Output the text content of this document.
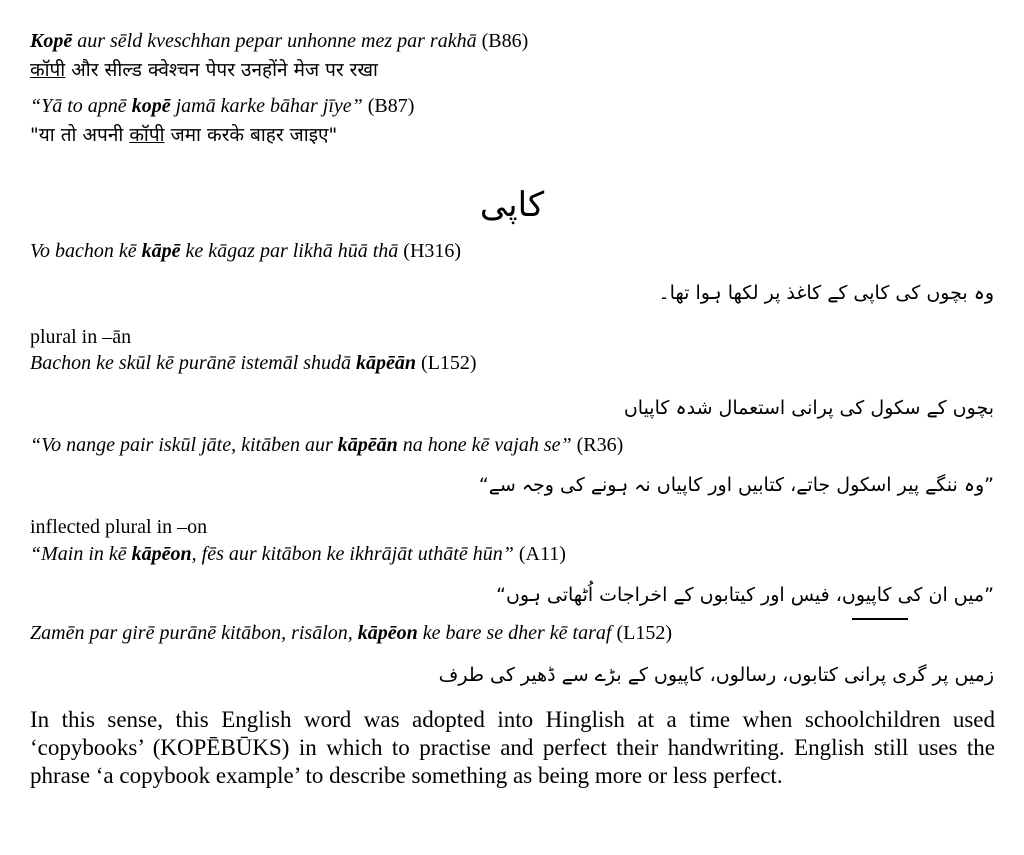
Kopē aur sēld kveschhan pepar unhonne mez par rakhā (B86)
कॉपी और सील्ड क्वेश्चन पेपर उनहोंने मेज पर रखा
“Yā to apnē kopē jamā karke bāhar jīye” (B87)
"या तो अपनी कॉपी जमा करके बाहर जाइए"
کاپی
Vo bachon kē kāpē ke kāgaz par likhā hūā thā (H316)
وہ بچوں کی کاپی کے کاغذ پر لکھا ہوا تھا۔
plural in –ān
Bachon ke skūl kē purānē istemāl shudā kāpēān (L152)
بچوں کے سکول کی پرانی استعمال شدہ کاپیاں
“Vo nange pair iskūl jāte, kitāben aur kāpēān na hone kē vajah se” (R36)
”وہ ننگے پیر اسکول جاتے، کتابیں اور کاپیاں نہ ہونے کی وجہ سے“
inflected plural in –on
“Main in kē kāpēon, fēs aur kitābon ke ikhrājāt uthātē hūn” (A11)
”میں ان کی کاپیوں، فیس اور کیتابوں کے اخراجات اُٹھاتی ہوں“
Zamēn par girē purānē kitābon, risālon, kāpēon ke bare se dher kē taraf (L152)
زمیں پر گری پرانی کتابوں، رسالوں، کاپیوں کے بڑے سے ڈھیر کی طرف
In this sense, this English word was adopted into Hinglish at a time when schoolchildren used ‘copybooks’ (KOPĒBŪKS) in which to practise and perfect their handwriting. English still uses the phrase ‘a copybook example’ to describe something as being more or less perfect.
